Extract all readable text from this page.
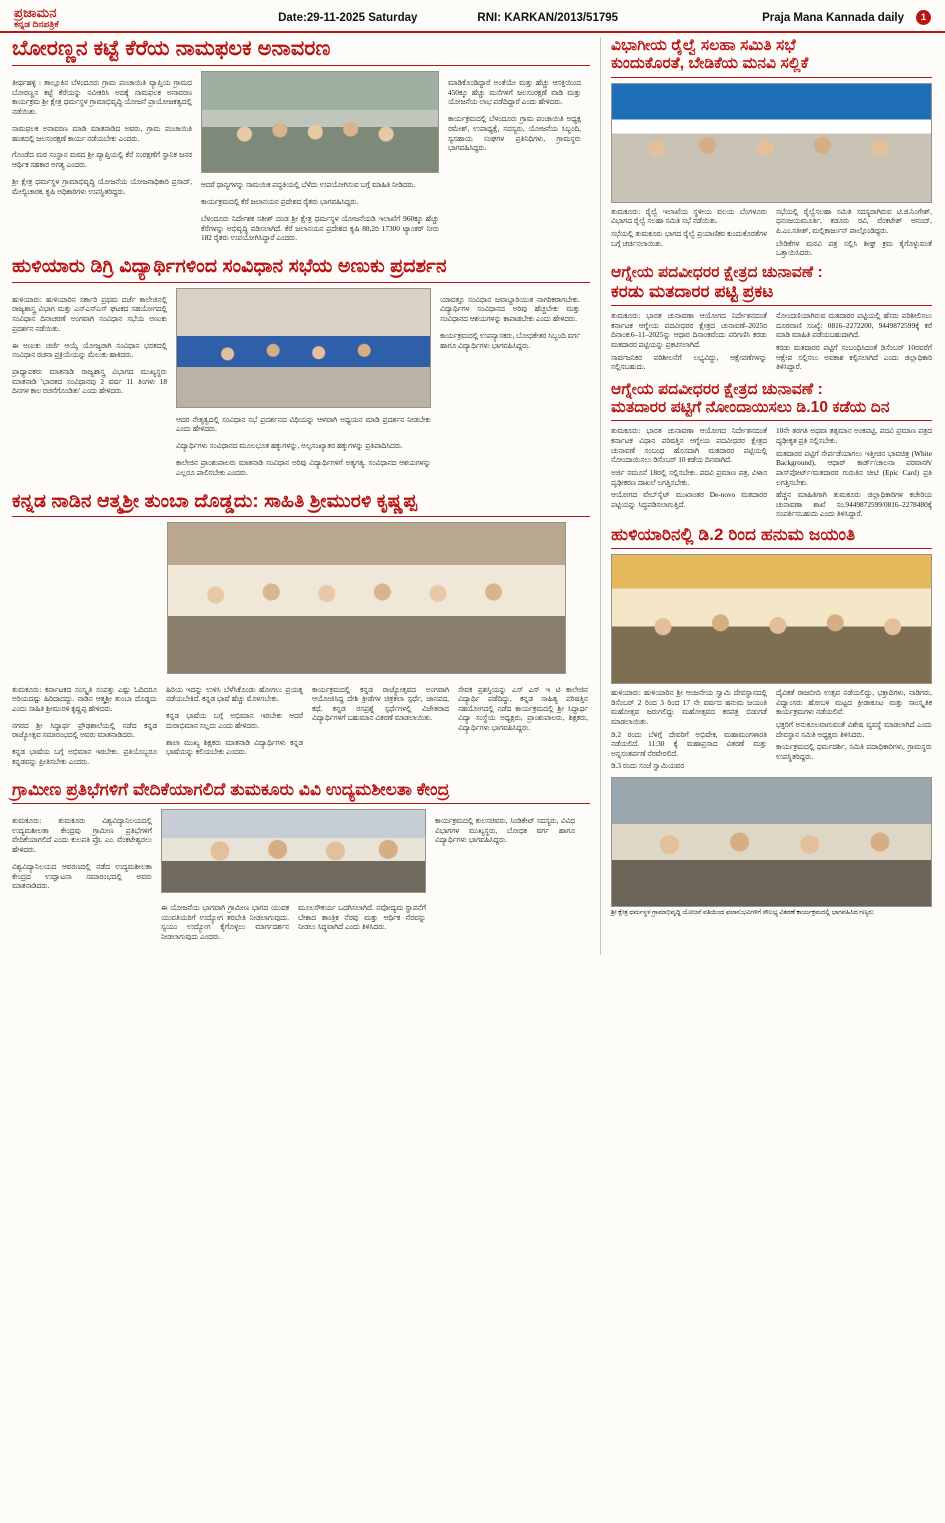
ಪ್ರಜಾಮನ
ಕನ್ನಡ ದಿನಪತ್ರಿಕೆ
Date:29-11-2025 Saturday	RNI: KARKAN/2013/51795	Praja Mana Kannada daily	1
ಬೋರಣ್ಣನ ಕಟ್ಟೆ ಕೆರೆಯ ನಾಮಫಲಕ ಅನಾವರಣ

ತೀರ್ಥಹಳ್ಳಿ : ತಾಲ್ಲೂಕಿನ ಬೆಳಂದೂರು ಗ್ರಾಮ ಪಂಚಾಯಿತಿ ವ್ಯಾಪ್ತಿಯ ಗ್ರಾಮದ ಬೋರಣ್ಣನ ಕಟ್ಟೆ ಕೆರೆಯನ್ನು ನವೀಕರಿಸಿ ಅದಕ್ಕೆ ನಾಮಫಲಕ ಅನಾವರಣ ಕಾರ್ಯಕ್ರಮ ಶ್ರೀ ಕ್ಷೇತ್ರ ಧರ್ಮಸ್ಥಳ ಗ್ರಾಮಾಭಿವೃದ್ಧಿ ಯೋಜನೆ ಪ್ರಾಯೋಜಕತ್ವದಲ್ಲಿ ನಡೆಯಿತು.

ನಾಮಫಲಕ ಅನಾವರಣ ಮಾಡಿ ಮಾತನಾಡಿದ ಅವರು, ಗ್ರಾಮ ಪಂಚಾಯಿತಿ ಹಂತದಲ್ಲಿ ಜಲಸಂರಕ್ಷಣೆ ಕಾರ್ಯ ನಡೆಯಬೇಕು ಎಂದರು.

ಗೊಂಡೆದ ಮಠ ಸಂಸ್ಥಾನ ಮಠದ ಶ್ರೀ ವ್ಯಾಪ್ತಿಯಲ್ಲಿ ಕೆರೆ ಸಂರಕ್ಷಣೆಗೆ ಸ್ಥಾನಿಕ ಜನರ ಆರ್ಥಿಕ ಸಹಕಾರ ಅಗತ್ಯ ಎಂದರು.

ಶ್ರೀ ಕ್ಷೇತ್ರ ಧರ್ಮಸ್ಥಳ ಗ್ರಾಮಾಭಿವೃದ್ಧಿ ಯೋಜನೆಯ ಯೋಜನಾಧಿಕಾರಿ ಪ್ರಸಾದ್, ಮೇಲ್ವಿಚಾರಕ, ಕೃಷಿ ಅಧಿಕಾರಿಗಳು ಉಪಸ್ಥಿತರಿದ್ದರು.

ಆದರೆ ಧಾನ್ಯಗಳನ್ನು ಸಾಮಯಿಕ ಪದ್ಧತಿಯಲ್ಲಿ ಬೆಳೆದು ಉಪಯೋಗಿಸುವ ಬಗ್ಗೆ ಮಾಹಿತಿ ನೀಡಿದರು.

ಕಾರ್ಯಕ್ರಮದಲ್ಲಿ ಕೆರೆ ಜಲಾನಯನ ಪ್ರದೇಶದ ರೈತರು ಭಾಗವಹಿಸಿದ್ದರು.

ಬೆಳಂದೂರು ನಿರ್ದೇಶಕ ಸತೀಶ್ ದಂಡ ಶ್ರೀ ಕ್ಷೇತ್ರ ಧರ್ಮಸ್ಥಳ ಯೋಜನೆಯಡಿ ಇಲಾಖೆಗೆ 960ಕ್ಕೂ ಹೆಚ್ಚು ಕೆರೆಗಳನ್ನು ಅಭಿವೃದ್ಧಿ ಪಡಿಸಲಾಗಿದೆ. ಕೆರೆ ಜಲಾನಯನ ಪ್ರದೇಶದ ಕೃಷಿ 88,2ರಿ 17300 ಟ್ಯಾಂಕರ್ ನೀರು 182 ರೈತರು ಉಪಯೋಗಿಸಿದ್ದಾರೆ ಎಂದರು.

ಮಾಡಿಕೊಂಡಿದ್ದಾರೆ ಅಂತೆಯೇ ಮತ್ತು ಹೆಚ್ಚು ಆಸಕ್ತಿಯಿಂದ 450ಕ್ಕೂ ಹೆಚ್ಚು ಮನೆಗಳಿಗೆ ಜಲಸಂರಕ್ಷಣೆ ವಾಡಿ ಮತ್ತು ಯೋಜನೆಯ ಲಾಭ ಪಡೆದಿದ್ದಾರೆ ಎಂದು ಹೇಳಿದರು.

ಕಾರ್ಯಕ್ರಮದಲ್ಲಿ ಬೆಳಂದೂರು ಗ್ರಾಮ ಪಂಚಾಯಿತಿ ಅಧ್ಯಕ್ಷ ರಮೇಶ್, ಉಪಾಧ್ಯಕ್ಷೆ, ಸದಸ್ಯರು, ಯೋಜನೆಯ ಸಿಬ್ಬಂದಿ, ಸ್ವಸಹಾಯ ಸಂಘಗಳ ಪ್ರತಿನಿಧಿಗಳು, ಗ್ರಾಮಸ್ಥರು ಭಾಗವಹಿಸಿದ್ದರು.

ಹುಳಿಯಾರು ಡಿಗ್ರಿ ವಿದ್ಯಾರ್ಥಿಗಳಿಂದ ಸಂವಿಧಾನ ಸಭೆಯ ಅಣುಕು ಪ್ರದರ್ಶನ

ಹುಳಿಯಾರು: ಹುಳಿಯಾರಿನ ಸರ್ಕಾರಿ ಪ್ರಥಮ ದರ್ಜೆ ಕಾಲೇಜಿನಲ್ಲಿ ರಾಜ್ಯಶಾಸ್ತ್ರ ವಿಭಾಗ ಮತ್ತು ಎನ್‌ಎಸ್‌ಎಸ್ ಘಟಕದ ಸಹಯೋಗದಲ್ಲಿ ಸಂವಿಧಾನ ದಿನಾಚರಣೆ ಅಂಗವಾಗಿ ಸಂವಿಧಾನ ಸಭೆಯ ಅಣುಕು ಪ್ರದರ್ಶನ ನಡೆಯಿತು.

ಈ ಅಣುಕು ಚರ್ಚೆ ಆಯ್ಕೆ ಯೋಜ್ಯರಾಗಿ ಸಂವಿಧಾನ ಭರತದಲ್ಲಿ ಸಂವಿಧಾನ ರಚನಾ ಪ್ರಕ್ರಿಯೆಯನ್ನು ಮೆಲುಕು ಹಾಕಿದರು.

ಪ್ರಾಧ್ಯಾಪಕರು ಮಾತನಾಡಿ ರಾಜ್ಯಶಾಸ್ತ್ರ ವಿಭಾಗದ ಮುಖ್ಯಸ್ಥರು ಮಾತನಾಡಿ 'ಭಾರತದ ಸಂವಿಧಾನವು 2 ವರ್ಷ 11 ತಿಂಗಳು 18 ದಿನಗಳ ಕಾಲ ರಚನೆಗೊಂಡಿತು' ಎಂದು ಹೇಳಿದರು.

ಆದರ ನೇತೃತ್ವದಲ್ಲಿ ಸಂವಿಧಾನ ಸಭೆ ಪ್ರದರ್ಶನದ ವಿಧಿಯನ್ನು ಆಳವಾಗಿ ಅಧ್ಯಯನ ಮಾಡಿ ಪ್ರದರ್ಶನ ನೀಡಬೇಕು ಎಂದು ಹೇಳಿದರು.

ವಿದ್ಯಾರ್ಥಿಗಳು ಸಂವಿಧಾನದ ಮೂಲಭೂತ ಹಕ್ಕುಗಳನ್ನು, ಅಲ್ಪಸಂಖ್ಯಾತರ ಹಕ್ಕುಗಳನ್ನು ಪ್ರತಿಪಾದಿಸಿದರು.

ಕಾಲೇಜಿನ ಪ್ರಾಂಶುಪಾಲರು ಮಾತನಾಡಿ ಸಂವಿಧಾನ ಅರಿವು ವಿದ್ಯಾರ್ಥಿಗಳಿಗೆ ಅತ್ಯಗತ್ಯ. ಸಂವಿಧಾನದ ಆಶಯಗಳನ್ನು ಎಲ್ಲರೂ ಪಾಲಿಸಬೇಕು ಎಂದರು.

ಯಾವತ್ತೂ ಸಂವಿಧಾನ ಜವಾಬ್ದಾರಿಯುತ ನಾಗರಿಕರಾಗಬೇಕು. ವಿದ್ಯಾರ್ಥಿಗಳ ಸಂವಿಧಾನದ ಅರಿವು ಹೆಚ್ಚಬೇಕು ಮತ್ತು ಸಂವಿಧಾನದ ಆಶಯಗಳನ್ನು ಕಾಪಾಡಬೇಕು ಎಂದು ಹೇಳಿದರು.

ಕಾರ್ಯಕ್ರಮದಲ್ಲಿ ಉಪನ್ಯಾಸಕರು, ಬೋಧಕೇತರ ಸಿಬ್ಬಂದಿ ವರ್ಗ ಹಾಗೂ ವಿದ್ಯಾರ್ಥಿಗಳು ಭಾಗವಹಿಸಿದ್ದರು.

ಕನ್ನಡ ನಾಡಿನ ಆತ್ಮಶ್ರೀ ತುಂಬಾ ದೊಡ್ಡದು: ಸಾಹಿತಿ ಶ್ರೀಮುರಳಿ ಕೃಷ್ಣಪ್ಪ

ತುಮಕೂರು: ಕರ್ನಾಟಕದ ಸಂಸ್ಕೃತಿ ಸಂಪತ್ತು ಎಷ್ಟು ಓದಿದರೂ ಅರಿಯದಷ್ಟು ಹಿರಿದಾದದ್ದು. ನಾಡಿನ ಆತ್ಮಶ್ರೀ ತುಂಬಾ ದೊಡ್ಡದು ಎಂದು ಸಾಹಿತಿ ಶ್ರೀಮುರಳಿ ಕೃಷ್ಣಪ್ಪ ಹೇಳಿದರು.

ನಗರದ ಶ್ರೀ ಸಿದ್ಧಾರ್ಥ ಪ್ರೌಢಶಾಲೆಯಲ್ಲಿ ನಡೆದ ಕನ್ನಡ ರಾಜ್ಯೋತ್ಸವ ಸಮಾರಂಭದಲ್ಲಿ ಅವರು ಮಾತನಾಡಿದರು.

ಕನ್ನಡ ಭಾಷೆಯ ಬಗ್ಗೆ ಅಭಿಮಾನ ಇರಬೇಕು. ಪ್ರತಿಯೊಬ್ಬರೂ ಕನ್ನಡವನ್ನು ಪ್ರೀತಿಸಬೇಕು ಎಂದರು.

ಹಿರಿಯ ಇದನ್ನು ಉಳಿಸಿ ಬೆಳೆಸಿಕೊಂಡು ಹೋಗಲು ಪ್ರಯತ್ನ ನಡೆಯಬೇಕಿದೆ. ಕನ್ನಡ ಭಾಷೆ ಹೆಚ್ಚು ಮೊಳಗಬೇಕು.

ಕನ್ನಡ ಭಾಷೆಯ ಬಗ್ಗೆ ಅಭಿಮಾನ ಇರಬೇಕು ಆದರೆ ದುರಾಭಿಮಾನ ಸಲ್ಲದು ಎಂದು ಹೇಳಿದರು.

ಶಾಲಾ ಮುಖ್ಯ ಶಿಕ್ಷಕರು ಮಾತನಾಡಿ ವಿದ್ಯಾರ್ಥಿಗಳು ಕನ್ನಡ ಭಾಷೆಯನ್ನು ಕಲಿಯಬೇಕು ಎಂದರು.

ಕಾರ್ಯಕ್ರಮದಲ್ಲಿ ಕನ್ನಡ ರಾಜ್ಯೋತ್ಸವದ ಅಂಗವಾಗಿ ಆಯೋಜಿಸಿದ್ದ ದೇಶಿ ಕ್ರೀಡೆಗಳ ಚಿತ್ರಕಲಾ ಸ್ಪರ್ಧೆ, ಜಾನಪದ, ಕಥೆ, ಕನ್ನಡ ರಸಪ್ರಶ್ನೆ ಸ್ಪರ್ಧೆಗಳಲ್ಲಿ ವಿಜೇತರಾದ ವಿದ್ಯಾರ್ಥಿಗಳಿಗೆ ಬಹುಮಾನ ವಿತರಣೆ ಮಾಡಲಾಯಿತು.

ಸೇವಕ ಪ್ರಶಸ್ತಿಯನ್ನು ಎಸ್ ಎಸ್ ಇ ಟಿ ಕಾಲೇಜಿನ ವಿದ್ಯಾರ್ಥಿ ಪಡೆದಿದ್ದು, ಕನ್ನಡ ಸಾಹಿತ್ಯ ಪರಿಷತ್ತಿನ ಸಹಯೋಗದಲ್ಲಿ ನಡೆದ ಕಾರ್ಯಕ್ರಮದಲ್ಲಿ ಶ್ರೀ ಸಿದ್ಧಾರ್ಥ ವಿದ್ಯಾ ಸಂಸ್ಥೆಯ ಅಧ್ಯಕ್ಷರು, ಪ್ರಾಂಶುಪಾಲರು, ಶಿಕ್ಷಕರು, ವಿದ್ಯಾರ್ಥಿಗಳು ಭಾಗವಹಿಸಿದ್ದರು.

ಗ್ರಾಮೀಣ ಪ್ರತಿಭೆಗಳಿಗೆ ವೇದಿಕೆಯಾಗಲಿದೆ ತುಮಕೂರು ವಿವಿ ಉದ್ಯಮಶೀಲತಾ ಕೇಂದ್ರ

ತುಮಕೂರು: ತುಮಕೂರು ವಿಶ್ವವಿದ್ಯಾನಿಲಯದಲ್ಲಿ ಉದ್ಯಮಶೀಲತಾ ಕೇಂದ್ರವು ಗ್ರಾಮೀಣ ಪ್ರತಿಭೆಗಳಿಗೆ ವೇದಿಕೆಯಾಗಲಿದೆ ಎಂದು ಕುಲಪತಿ ಪ್ರೊ. ಎಂ. ವೆಂಕಟೇಶ್ವರಲು ಹೇಳಿದರು.

ವಿಶ್ವವಿದ್ಯಾನಿಲಯದ ಆವರಣದಲ್ಲಿ ನಡೆದ ಉದ್ಯಮಶೀಲತಾ ಕೇಂದ್ರದ ಉದ್ಘಾಟನಾ ಸಮಾರಂಭದಲ್ಲಿ ಅವರು ಮಾತನಾಡಿದರು.

ಈ ಯೋಜನೆಯ ಭಾಗವಾಗಿ ಗ್ರಾಮೀಣ ಭಾಗದ ಯುವಕ ಯುವತಿಯರಿಗೆ ಉದ್ಯೋಗ ತರಬೇತಿ ನೀಡಲಾಗುವುದು. ಸ್ವಯಂ ಉದ್ಯೋಗ ಕೈಗೊಳ್ಳಲು ಮಾರ್ಗದರ್ಶನ ನೀಡಲಾಗುವುದು ಎಂದರು.

ಮೂಲಸೌಕರ್ಯ ಒದಗಿಸಲಾಗಿದೆ. ನವೋದ್ಯಮ ಸ್ಥಾಪನೆಗೆ ಬೇಕಾದ ತಾಂತ್ರಿಕ ನೆರವು ಮತ್ತು ಆರ್ಥಿಕ ನೆರವನ್ನು ನೀಡಲು ಸಿದ್ಧವಾಗಿದೆ ಎಂದು ತಿಳಿಸಿದರು.

ಕಾರ್ಯಕ್ರಮದಲ್ಲಿ ಕುಲಸಚಿವರು, ಸಿಂಡಿಕೇಟ್ ಸದಸ್ಯರು, ವಿವಿಧ ವಿಭಾಗಗಳ ಮುಖ್ಯಸ್ಥರು, ಬೋಧಕ ವರ್ಗ ಹಾಗೂ ವಿದ್ಯಾರ್ಥಿಗಳು ಭಾಗವಹಿಸಿದ್ದರು.

ವಿಭಾಗೀಯ ರೈಲ್ವೆ ಸಲಹಾ ಸಮಿತಿ ಸಭೆ
ಕುಂದುಕೊರತೆ, ಬೇಡಿಕೆಯ ಮನವಿ ಸಲ್ಲಿಕೆ

ತುಮಕೂರು: ರೈಲ್ವೆ ಇಲಾಖೆಯ ಸ್ಥಳೀಯ ವಲಯ ಬೆಂಗಳೂರು ವಿಭಾಗದ ರೈಲ್ವೆ ಸಲಹಾ ಸಮಿತಿ ಸಭೆ ನಡೆಯಿತು.

ಸಭೆಯಲ್ಲಿ ತುಮಕೂರು ಭಾಗದ ರೈಲ್ವೆ ಪ್ರಯಾಣಿಕರ ಕುಂದುಕೊರತೆಗಳ ಬಗ್ಗೆ ಚರ್ಚಿಸಲಾಯಿತು.

ಸಭೆಯಲ್ಲಿ ರೈಲ್ವೆಸಲಹಾ ಸಮಿತಿ ಸದಸ್ಯರಾಗಿರುವ ಟಿ.ಜಿ.ನಿಂಗೇಶ್, ಧನಂಜಯಮೂರ್ತಿ, ಕಡೂರು ರವಿ, ವೆಂಕಟೇಶ್ ಆನಂದ್, ಪಿ.ಎಂ.ಸತೀಶ್, ಮಲ್ಲಿಕಾರ್ಜುನ್ ಪಾಲ್ಗೊಂಡಿದ್ದರು.

ಬೇಡಿಕೆಗಳ ಮನವಿ ಪತ್ರ ಸಲ್ಲಿಸಿ ಶೀಘ್ರ ಕ್ರಮ ಕೈಗೊಳ್ಳುವಂತೆ ಒತ್ತಾಯಿಸಿದರು.

ಆಗ್ನೇಯ ಪದವೀಧರರ ಕ್ಷೇತ್ರದ ಚುನಾವಣೆ :
ಕರಡು ಮತದಾರರ ಪಟ್ಟಿ ಪ್ರಕಟ

ತುಮಕೂರು: ಭಾರತ ಚುನಾವಣಾ ಆಯೋಗದ ನಿರ್ದೇಶನದಂತೆ ಕರ್ನಾಟಕ ಆಗ್ನೇಯ ಪದವೀಧರರ ಕ್ಷೇತ್ರದ ಚುನಾವಣೆ–2025ರ ದಿನಾಂಕ:6–11–2025ನ್ನು ಆಧಾರ ದಿನಾಂಕವೆಂದು ಪರಿಗಣಿಸಿ ಕರಡು ಮತದಾರರ ಪಟ್ಟಿಯನ್ನು ಪ್ರಕಟಿಸಲಾಗಿದೆ.

ಸಾರ್ವಜನಿಕರ ಪರಿಶೀಲನೆಗೆ ಲಭ್ಯವಿದ್ದು, ಆಕ್ಷೇಪಣೆಗಳನ್ನು ಸಲ್ಲಿಸಬಹುದು.

ನೋಂದಣಿಯಾಗಿರುವ ಮತದಾರರ ಪಟ್ಟಿಯಲ್ಲಿ ಹೆಸರು ಪರಿಶೀಲಿಸಲು ದೂರವಾಣಿ ಸಂಖ್ಯೆ: 0816–2272200, 9449872599ಕ್ಕೆ ಕರೆ ಮಾಡಿ ಮಾಹಿತಿ ಪಡೆಯಬಹುದಾಗಿದೆ.

ಕರಡು ಮತದಾರರ ಪಟ್ಟಿಗೆ ಸಂಬಂಧಿಸಿದಂತೆ ಡಿಸೆಂಬರ್ 10ರವರೆಗೆ ಆಕ್ಷೇಪ ಸಲ್ಲಿಸಲು ಅವಕಾಶ ಕಲ್ಪಿಸಲಾಗಿದೆ ಎಂದು ಜಿಲ್ಲಾಧಿಕಾರಿ ತಿಳಿಸಿದ್ದಾರೆ.

ಆಗ್ನೇಯ ಪದವೀಧರರ ಕ್ಷೇತ್ರದ ಚುನಾವಣೆ :
ಮತದಾರರ ಪಟ್ಟಿಗೆ ನೋಂದಾಯಿಸಲು ಡಿ.10 ಕಡೆಯ ದಿನ

ತುಮಕೂರು: ಭಾರತ ಚುನಾವಣಾ ಆಯೋಗದ ನಿರ್ದೇಶನದಂತೆ ಕರ್ನಾಟಕ ವಿಧಾನ ಪರಿಷತ್ತಿನ ಆಗ್ನೇಯ ಪದವೀಧರರ ಕ್ಷೇತ್ರದ ಚುನಾವಣೆ ಸಂಬಂಧ ಹೊಸದಾಗಿ ಮತದಾರರ ಪಟ್ಟಿಯಲ್ಲಿ ನೋಂದಾಯಿಸಲು ಡಿಸೆಂಬರ್ 10 ಕಡೆಯ ದಿನವಾಗಿದೆ.

ಅರ್ಜಿ ನಮೂನೆ 18ರಲ್ಲಿ ಸಲ್ಲಿಸಬೇಕು. ಪದವಿ ಪ್ರಮಾಣ ಪತ್ರ, ವಿಳಾಸ ದೃಢೀಕರಣ ದಾಖಲೆ ಲಗತ್ತಿಸಬೇಕು.

ಆಯೋಗದ ವೇಬ್‌ಸೈಟ್ ಮುಖಾಂತರ De-novo ಮತದಾರರ ಪಟ್ಟಿಯನ್ನು ಸಿದ್ಧಪಡಿಸಲಾಗುತ್ತಿದೆ.

10ನೇ ತರಗತಿ ಅಥವಾ ತತ್ಸಮಾನ ಅಂಕಪಟ್ಟಿ, ಪದವಿ ಪ್ರಮಾಣ ಪತ್ರದ ದೃಢೀಕೃತ ಪ್ರತಿ ಸಲ್ಲಿಸಬೇಕು.

ಮತದಾರರ ಪಟ್ಟಿಗೆ ಸೇರ್ಪಡೆಯಾಗಲು ಇತ್ತೀಚಿನ ಭಾವಚಿತ್ರ (White Background), ಆಧಾರ್ ಕಾರ್ಡ್/ಚಾಲನಾ ಪರವಾನಗಿ/ಪಾಸ್‌ಪೋರ್ಟ್/ಮತದಾರರ ಗುರುತಿನ ಚೀಟಿ (Epic Card) ಪ್ರತಿ ಲಗತ್ತಿಸಬೇಕು.

ಹೆಚ್ಚಿನ ಮಾಹಿತಿಗಾಗಿ ತುಮಕೂರು ಜಿಲ್ಲಾಧಿಕಾರಿಗಳ ಕಚೇರಿಯ ಚುನಾವಣಾ ಶಾಖೆ ಸಂ.9449872599/0816–2278480ಕ್ಕೆ ಸಂಪರ್ಕಿಸಬಹುದು ಎಂದು ತಿಳಿಸಿದ್ದಾರೆ.

ಹುಳಿಯಾರಿನಲ್ಲಿ ಡಿ.2 ರಿಂದ ಹನುಮ ಜಯಂತಿ

ಹುಳಿಯಾರು: ಹುಳಿಯಾರಿನ ಶ್ರೀ ಆಂಜನೇಯ ಸ್ವಾಮಿ ದೇವಸ್ಥಾನದಲ್ಲಿ ಡಿಸೆಂಬರ್ 2 ರಿಂದ 3 ರಿಂದ 17 ನೇ ವರ್ಷದ ಹನುಮ ಜಯಂತಿ ಮಹೋತ್ಸವ ಜರುಗಲಿದ್ದು ಮಹೋತ್ಸವದ ಕರಪತ್ರ ಬಿಡುಗಡೆ ಮಾಡಲಾಯಿತು.

ಡಿ.2 ರಂದು ಬೆಳಿಗ್ಗೆ ದೇವರಿಗೆ ಅಭಿಷೇಕ, ಮಹಾಮಂಗಳಾರತಿ ನಡೆಯಲಿದೆ. 11:30 ಕ್ಕೆ ಮಹಾಪ್ರಸಾದ ವಿತರಣೆ ಮತ್ತು ಅನ್ನಸಂತರ್ಪಣೆ ನೆರವೇರಲಿದೆ.

ಡಿ.3 ರಂದು ಸಂಜೆ ಸ್ವಾಮಿಯವರ

ದೈವಿಕತೆ ರಾಜಬೀದಿ ಉತ್ಸವ ನಡೆಯಲಿದ್ದು, ಭಕ್ತಾದಿಗಳು, ನಾಡಿಗರು, ವಿದ್ವಾಂಸರು ಹೋಬಳಿ ಮಟ್ಟದ ಕ್ರೀಡಾಕೂಟ ಮತ್ತು ಸಾಂಸ್ಕೃತಿಕ ಕಾರ್ಯಕ್ರಮಗಳು ನಡೆಯಲಿವೆ.

ಭಕ್ತರಿಗೆ ಅನುಕೂಲವಾಗುವಂತೆ ವಿಶೇಷ ವ್ಯವಸ್ಥೆ ಮಾಡಲಾಗಿದೆ ಎಂದು ದೇವಸ್ಥಾನ ಸಮಿತಿ ಅಧ್ಯಕ್ಷರು ತಿಳಿಸಿದರು.

ಕಾರ್ಯಕ್ರಮದಲ್ಲಿ ಧರ್ಮದರ್ಶಿ, ಸಮಿತಿ ಪದಾಧಿಕಾರಿಗಳು, ಗ್ರಾಮಸ್ಥರು ಉಪಸ್ಥಿತರಿದ್ದರು.

ಶ್ರೀ ಕ್ಷೇತ್ರ ಧರ್ಮಸ್ಥಳ ಗ್ರಾಮಾಭಿವೃದ್ಧಿ ಯೋಜನೆ ವತಿಯಿಂದ ಫಲಾನುಭವಿಗಳಿಗೆ ಸೌಲಭ್ಯ ವಿತರಣೆ ಕಾರ್ಯಕ್ರಮದಲ್ಲಿ ಭಾಗವಹಿಸಿದ ಗಣ್ಯರು
